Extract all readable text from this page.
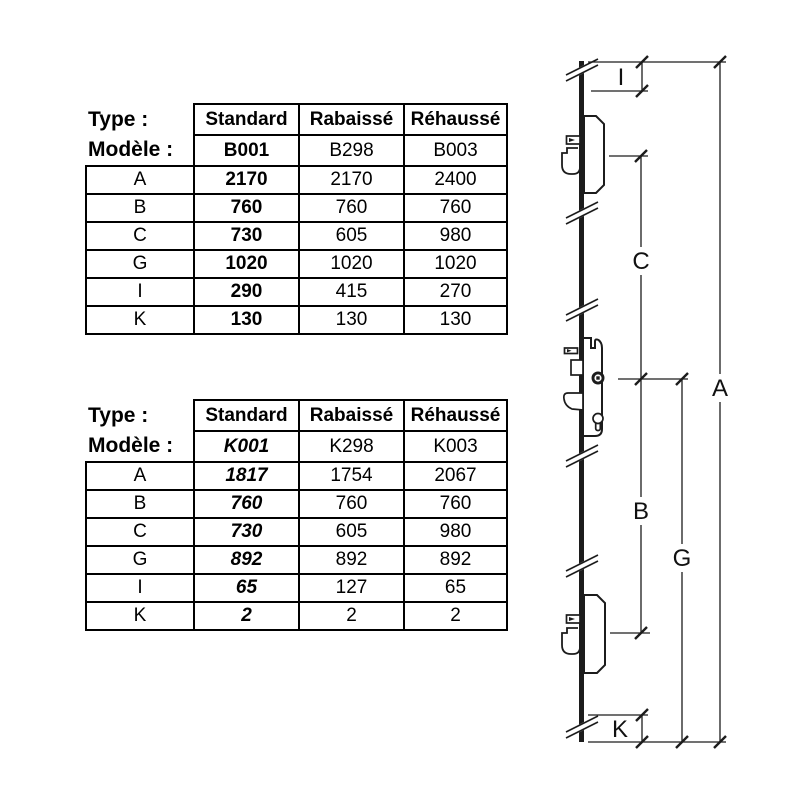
Type :	Standard	Rabaissé	Réhaussé
Modèle :	B001	B298	B003
A	2170	2170	2400
B	760	760	760
C	730	605	980
G	1020	1020	1020
I	290	415	270
K	130	130	130
Type :	Standard	Rabaissé	Réhaussé
Modèle :	K001	K298	K003
A	1817	1754	2067
B	760	760	760
C	730	605	980
G	892	892	892
I	65	127	65
K	2	2	2
I
C
A
B
G
K
